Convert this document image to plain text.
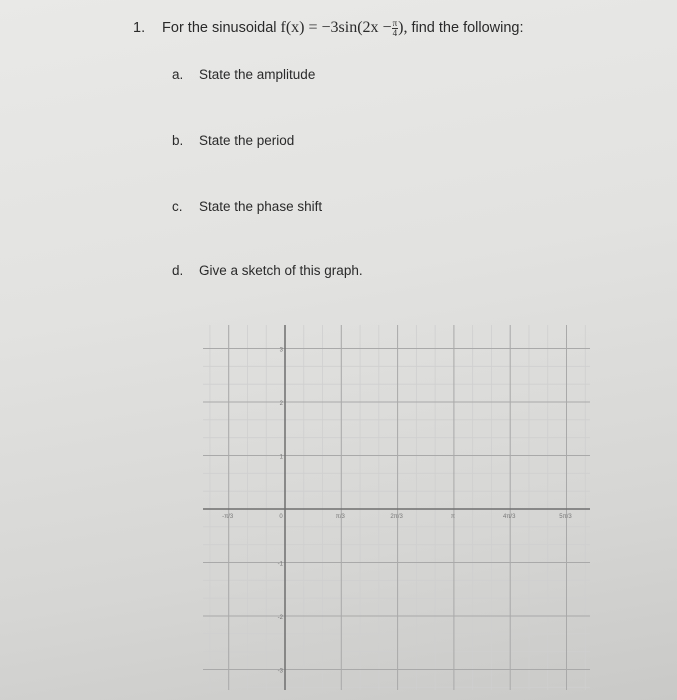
1. For the sinusoidal $f(x) = -3\sin(2x - \frac{\pi}{4}$ ), find the following:
a. State the amplitude
b. State the period
c. State the phase shift
d. Give a sketch of this graph.
-π/3	0	π/3	2π/3	π	4π/3	5π/3
3
2
1
-1
-2
-3
